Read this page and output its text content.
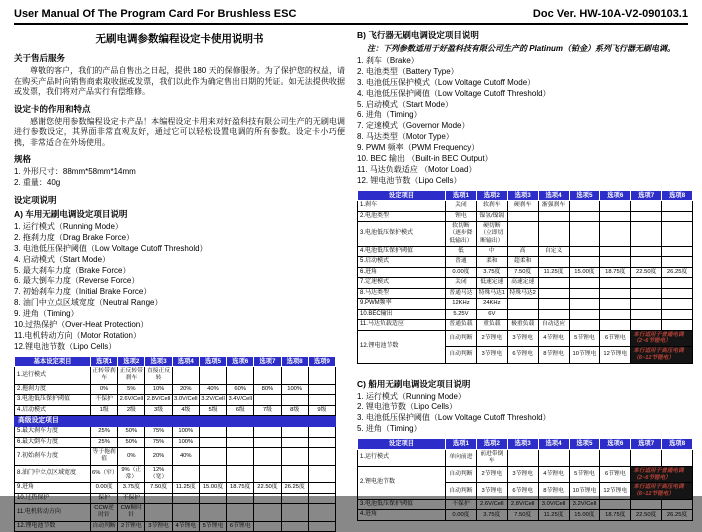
User Manual Of The Program Card For Brushless ESC	Doc Ver. HW-10A-V2-090103.1
无刷电调参数编程设定卡使用说明书
关于售后服务

尊敬的客户，我们的产品自售出之日起，提供 180 天的保修服务。为了保护您的权益，请在购买产品时向销售商索取收据或发票，我们以此作为确定售出日期的凭证。如无法提供收据或发票，我们将对产品实行有偿维修。

设定卡的作用和特点

感谢您使用参数编程设定卡产品！本编程设定卡用来对好盈科技有限公司生产的无刷电调进行参数设定，其界面非常直观友好，通过它可以轻松设置电调的所有参数。设定卡小巧便携，非常适合在外场使用。

规格
1. 外形尺寸：88mm*58mm*14mm
2. 重量：40g
设定项说明
A) 车用无刷电调设定项目说明
1. 运行模式（Running Mode）
2. 拖刹力度（Drag Brake Force）
3. 电池低压保护阈值（Low Voltage Cutoff Threshold）
4. 启动模式（Start Mode）
5. 最大刹车力度（Brake Force）
6. 最大倒车力度（Reverse Force）
7. 初始刹车力度（Initial Brake Force）
8. 油门中立点区域宽度（Neutral Range）
9. 进角（Timing）
10.过热保护（Over-Heat Protection）
11.电机转动方向（Motor Rotation）
12.锂电池节数（Lipo Cells）
基本设定项目	选项1	选项2	选项3	选项4	选项5	选项6	选项7	选项8	选项9
1.运行模式	正转带刹车	正反转带刹车	直接正反转						
2.拖刹力度	0%	5%	10%	20%	40%	60%	80%	100%	
3.电池低压保护阈值	不保护	2.6V/Cell	2.8V/Cell	3.0V/Cell	3.2V/Cell	3.4V/Cell			
4.启动模式	1级	2级	3级	4级	5级	6级	7级	8级	9级
高级设定项目									
5.最大刹车力度	25%	50%	75%	100%					
6.最大倒车力度	25%	50%	75%	100%					
7.初始刹车力度	等于拖刹值	0%	20%	40%					
8.油门中立点区域宽度	6%（窄）	9%（正常）	12%（宽）						
9.进角	0.00度	3.75度	7.50度	11.25度	15.00度	18.75度	22.50度	26.25度	
10.过热保护	保护	不保护							
11.电机转动方向	CCW逆时针	CW顺时针							
12.锂电池节数	自动判断	2节锂电	3节锂电	4节锂电	5节锂电	6节锂电			
B) 飞行器无刷电调设定项目说明
注：下列参数适用于好盈科技有限公司生产的 Platinum（铂金）系列飞行器无刷电调。
1. 刹车（Brake）
2. 电池类型（Battery Type）
3. 电池低压保护模式（Low Voltage Cutoff Mode）
4. 电池低压保护阈值（Low Voltage Cutoff Threshold）
5. 启动模式（Start Mode）
6. 进角（Timing）
7. 定速模式（Governor Mode）
8. 马达类型（Motor Type）
9. PWM 频率（PWM Frequency）
10. BEC 输出 （Built-in BEC Output）
11. 马达负载适应 （Motor Load）
12. 锂电池节数（Lipo Cells）
设定项目	选项1	选项2	选项3	选项4	选项5	选项6	选项7	选项8
1.刹车	关闭	软刹车	硬刹车	渐强刹车				
2.电池类型	锂电	镍氢/镍镉						
3.电池低压保护模式	软切断（逐步降低输出）	硬切断（立即切断输出）						
4.电池低压保护阈值	低	中	高	自定义				
5.启动模式	普通	柔和	超柔和					
6.进角	0.00度	3.75度	7.50度	11.25度	15.00度	18.75度	22.50度	26.25度
7.定速模式	关闭	低速定速	高速定速					
8.马达类型	普通马达	特殊马达1	特殊马达2					
9.PWM频率	12KHz	24KHz						
10.BEC输出	5.25V	6V						
11.马达负载适应	普通负载	重负载	极重负载	自动适应				
12.锂电池节数	自动判断	2节锂电	3节锂电	4节锂电	5节锂电	6节锂电	本行适用于普通电调（2~6节锂电）	
	自动判断	3节锂电	6节锂电	8节锂电	10节锂电	12节锂电	本行适用于高压电调（6~12节锂电）	
C) 船用无刷电调设定项目说明
1. 运行模式（Running Mode）
2. 锂电池节数（Lipo Cells）
3. 电池低压保护阈值（Low Voltage Cutoff Threshold）
5. 进角（Timing）
设定项目	选项1	选项2	选项3	选项4	选项5	选项6	选项7	选项8
1.运行模式	单向前进	前进带倒车						
2.锂电池节数	自动判断	2节锂电	3节锂电	4节锂电	5节锂电	6节锂电	本行适用于普通电调（2~6节锂电）	
	自动判断	3节锂电	6节锂电	8节锂电	10节锂电	12节锂电	本行适用于高压电调（6~12节锂电）	
3.电池低压保护阈值	不保护	2.6V/Cell	2.8V/Cell	3.0V/Cell	3.2V/Cell			
4.进角	0.00度	3.75度	7.50度	11.25度	15.00度	18.75度	22.50度	26.25度
